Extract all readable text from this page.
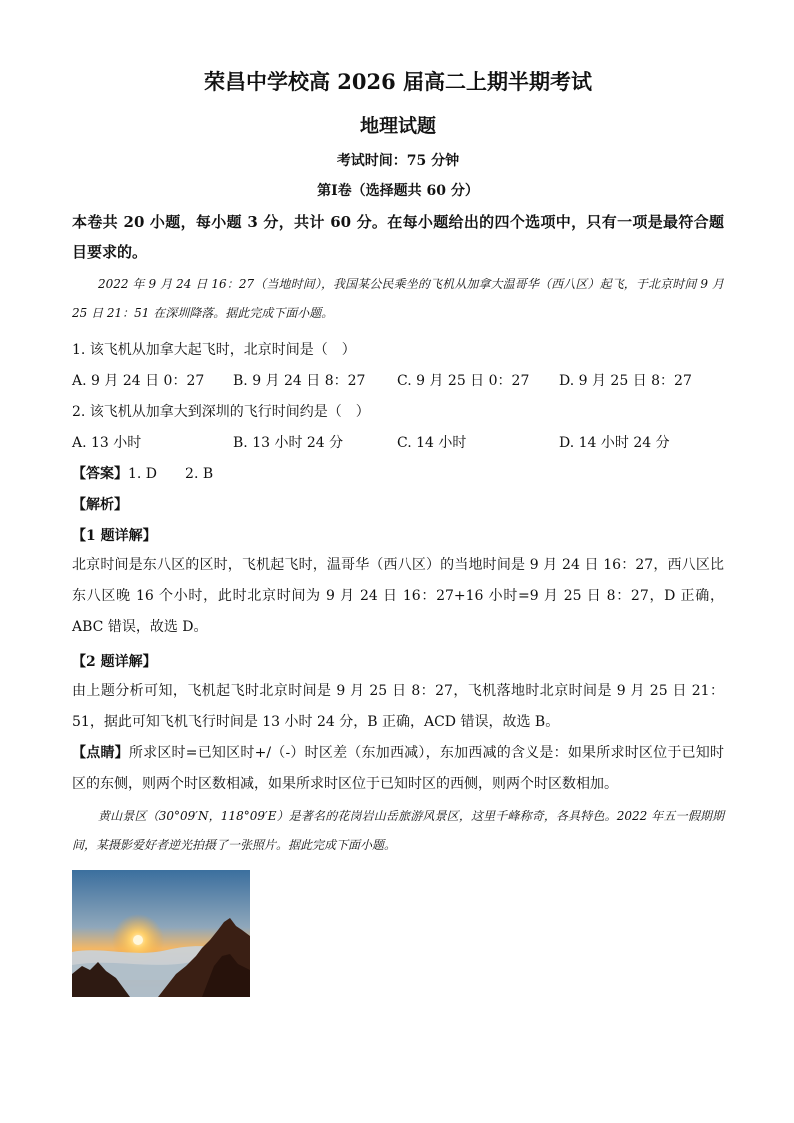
荣昌中学校高 2026 届高二上期半期考试
地理试题
考试时间：75 分钟
第Ⅰ卷（选择题共 60 分）
本卷共 20 小题，每小题 3 分，共计 60 分。在每小题给出的四个选项中，只有一项是最符合题目要求的。
2022 年 9 月 24 日 16：27（当地时间），我国某公民乘坐的飞机从加拿大温哥华（西八区）起飞，于北京时间 9 月 25 日 21：51 在深圳降落。据此完成下面小题。
1. 该飞机从加拿大起飞时，北京时间是（　）
A. 9 月 24 日 0：27 B. 9 月 24 日 8：27 C. 9 月 25 日 0：27 D. 9 月 25 日 8：27
2. 该飞机从加拿大到深圳的飞行时间约是（　）
A. 13 小时	B. 13 小时 24 分	C. 14 小时	D. 14 小时 24 分
【答案】1. D　　2. B
【解析】
【1 题详解】
北京时间是东八区的区时，飞机起飞时，温哥华（西八区）的当地时间是 9 月 24 日 16：27，西八区比东八区晚 16 个小时，此时北京时间为 9 月 24 日 16：27+16 小时=9 月 25 日 8：27，D 正确，ABC 错误，故选 D。
【2 题详解】
由上题分析可知，飞机起飞时北京时间是 9 月 25 日 8：27，飞机落地时北京时间是 9 月 25 日 21：51，据此可知飞机飞行时间是 13 小时 24 分，B 正确，ACD 错误，故选 B。
【点睛】所求区时=已知区时+/（-）时区差（东加西减），东加西减的含义是：如果所求时区位于已知时区的东侧，则两个时区数相减，如果所求时区位于已知时区的西侧，则两个时区数相加。
黄山景区（30°09′N，118°09′E）是著名的花岗岩山岳旅游风景区，这里千峰称奇，各具特色。2022 年五一假期期间，某摄影爱好者逆光拍摄了一张照片。据此完成下面小题。
